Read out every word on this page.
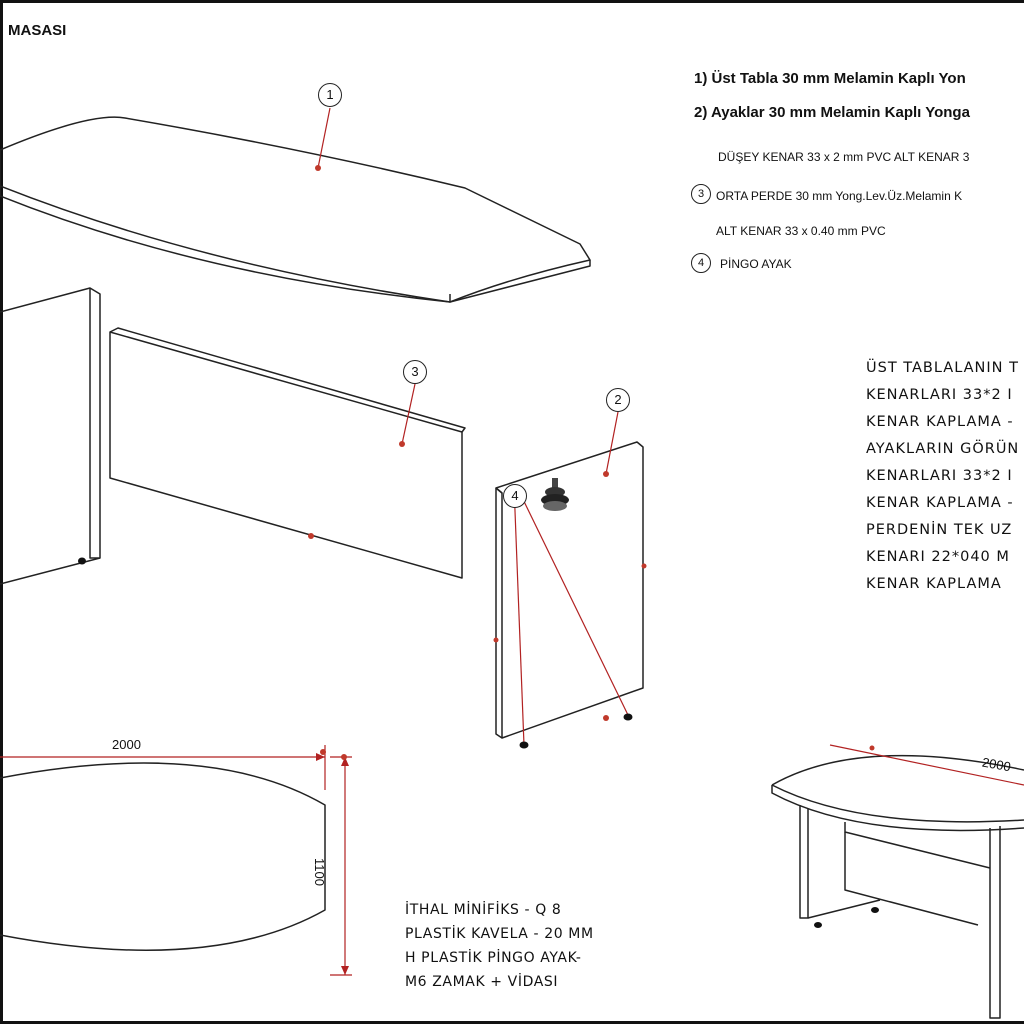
MASASI
1) Üst Tabla 30 mm Melamin Kaplı Yon
2) Ayaklar 30 mm Melamin Kaplı Yonga
DÜŞEY KENAR 33 x 2 mm PVC ALT KENAR 3
3 ORTA PERDE 30 mm Yong.Lev.Üz.Melamin K
ALT KENAR 33 x 0.40 mm PVC
4	PİNGO AYAK
ÜST TABLALANIN T
KENARLARI 33*2 I
KENAR KAPLAMA -
AYAKLARIN GÖRÜN
KENARLARI 33*2 I
KENAR KAPLAMA -
PERDENİN TEK UZ
KENARI 22*040 M
KENAR KAPLAMA
İTHAL MİNİFİKS - Q 8
PLASTİK KAVELA - 20 MM
H PLASTİK PİNGO AYAK-
M6 ZAMAK + VİDASI
1
3
2
4
2000
1100
2000
